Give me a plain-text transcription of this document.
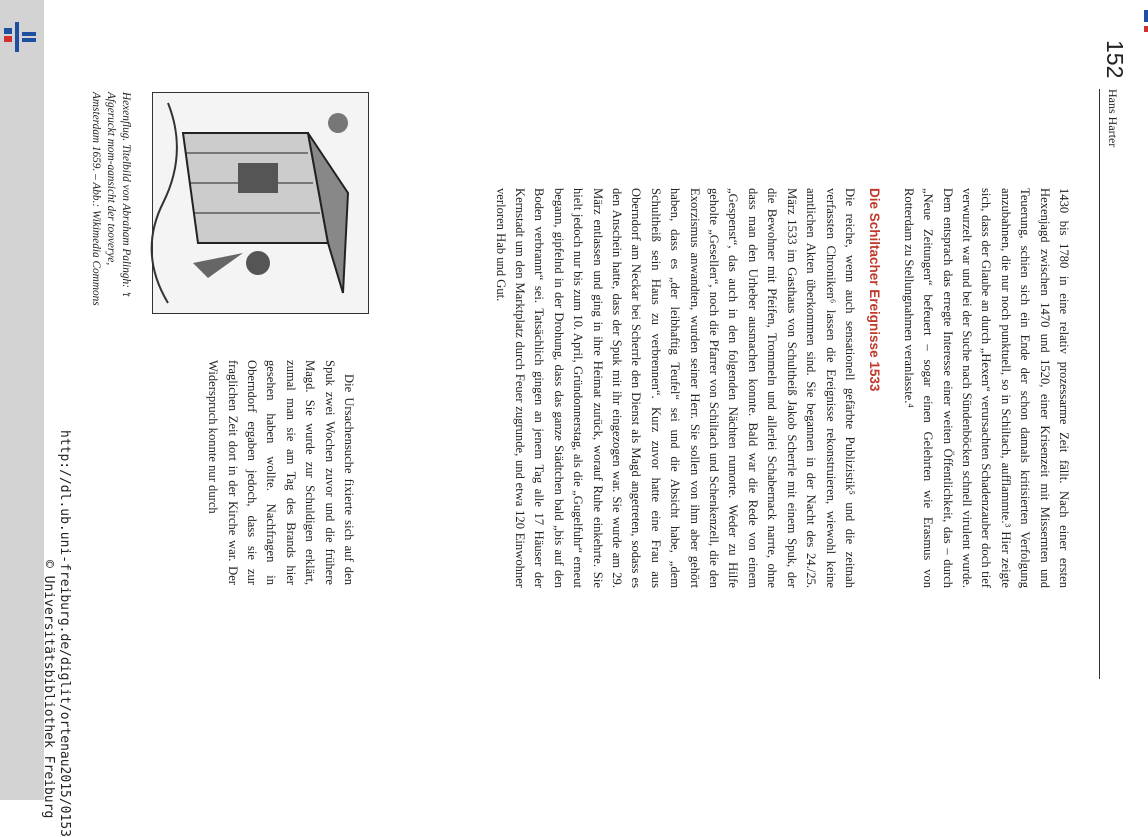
152
Hans Harter

1430 bis 1780 in eine relativ prozessarme Zeit fällt. Nach einer ersten Hexenjagd zwischen 1470 und 1520, einer Krisenzeit mit Missernten und Teuerung, schien sich ein Ende der schon damals kritisierten Verfolgung anzubahnen, die nur noch punktuell, so in Schiltach, aufflammte.³ Hier zeigte sich, dass der Glaube an durch „Hexen“ verursachten Schadenzauber doch tief verwurzelt war und bei der Suche nach Sündenböcken schnell virulent wurde. Dem entsprach das erregte Interesse einer weiten Öffentlichkeit, das – durch „Neue Zeitungen“ befeuert – sogar einen Gelehrten wie Erasmus von Rotterdam zu Stellungnahmen veranlasste.⁴

Die Schiltacher Ereignisse 1533

Die reiche, wenn auch sensationell gefärbte Publizistik⁵ und die zeitnah verfassten Chroniken⁶ lassen die Ereignisse rekonstruieren, wiewohl keine amtlichen Akten überkommen sind. Sie begannen in der Nacht des 24./25. März 1533 im Gasthaus von Schultheiß Jakob Scherrle mit einem Spuk, der die Bewohner mit Pfeifen, Trommeln und allerlei Schabernack narrte, ohne dass man den Urheber ausmachen konnte. Bald war die Rede von einem „Gespenst“, das auch in den folgenden Nächten rumorte. Weder zu Hilfe geholte „Gesellen“, noch die Pfarrer von Schiltach und Schenkenzell, die den Exorzismus anwandten, wurden seiner Herr. Sie sollen von ihm aber gehört haben, dass es „der leibhaftig Teufel“ sei und die Absicht habe, „dem Schultheiß sein Haus zu verbrennen“. Kurz zuvor hatte eine Frau aus Oberndorf am Neckar bei Scherrle den Dienst als Magd angetreten, sodass es den Anschein hatte, dass der Spuk mit ihr eingezogen war. Sie wurde am 29. März entlassen und ging in ihre Heimat zurück, worauf Ruhe einkehrte. Sie hielt jedoch nur bis zum 10. April, Gründonnerstag, als die „Gugelfuhr“ erneut begann, gipfelnd in der Drohung, dass das ganze Städtchen bald „bis auf den Boden verbrannt“ sei. Tatsächlich gingen an jenem Tag alle 17 Häuser der Kernstadt um den Marktplatz durch Feuer zugrunde, und etwa 120 Einwohner verloren Hab und Gut.

Hexenflug. Titelbild von Abraham Palingh: ’t Afgeruckt mom-aansicht der tooverye, Amsterdam 1659. – Abb.: Wikimedia Commons

Die Ursachensuche fixierte sich auf den Spuk zwei Wochen zuvor und die frühere Magd. Sie wurde zur Schuldigen erklärt, zumal man sie am Tag des Brands hier gesehen haben wollte. Nachfragen in Oberndorf ergaben jedoch, dass sie zur fraglichen Zeit dort in der Kirche war. Der Widerspruch konnte nur durch

http://dl.ub.uni-freiburg.de/diglit/ortenau2015/0153
© Universitätsbibliothek Freiburg
